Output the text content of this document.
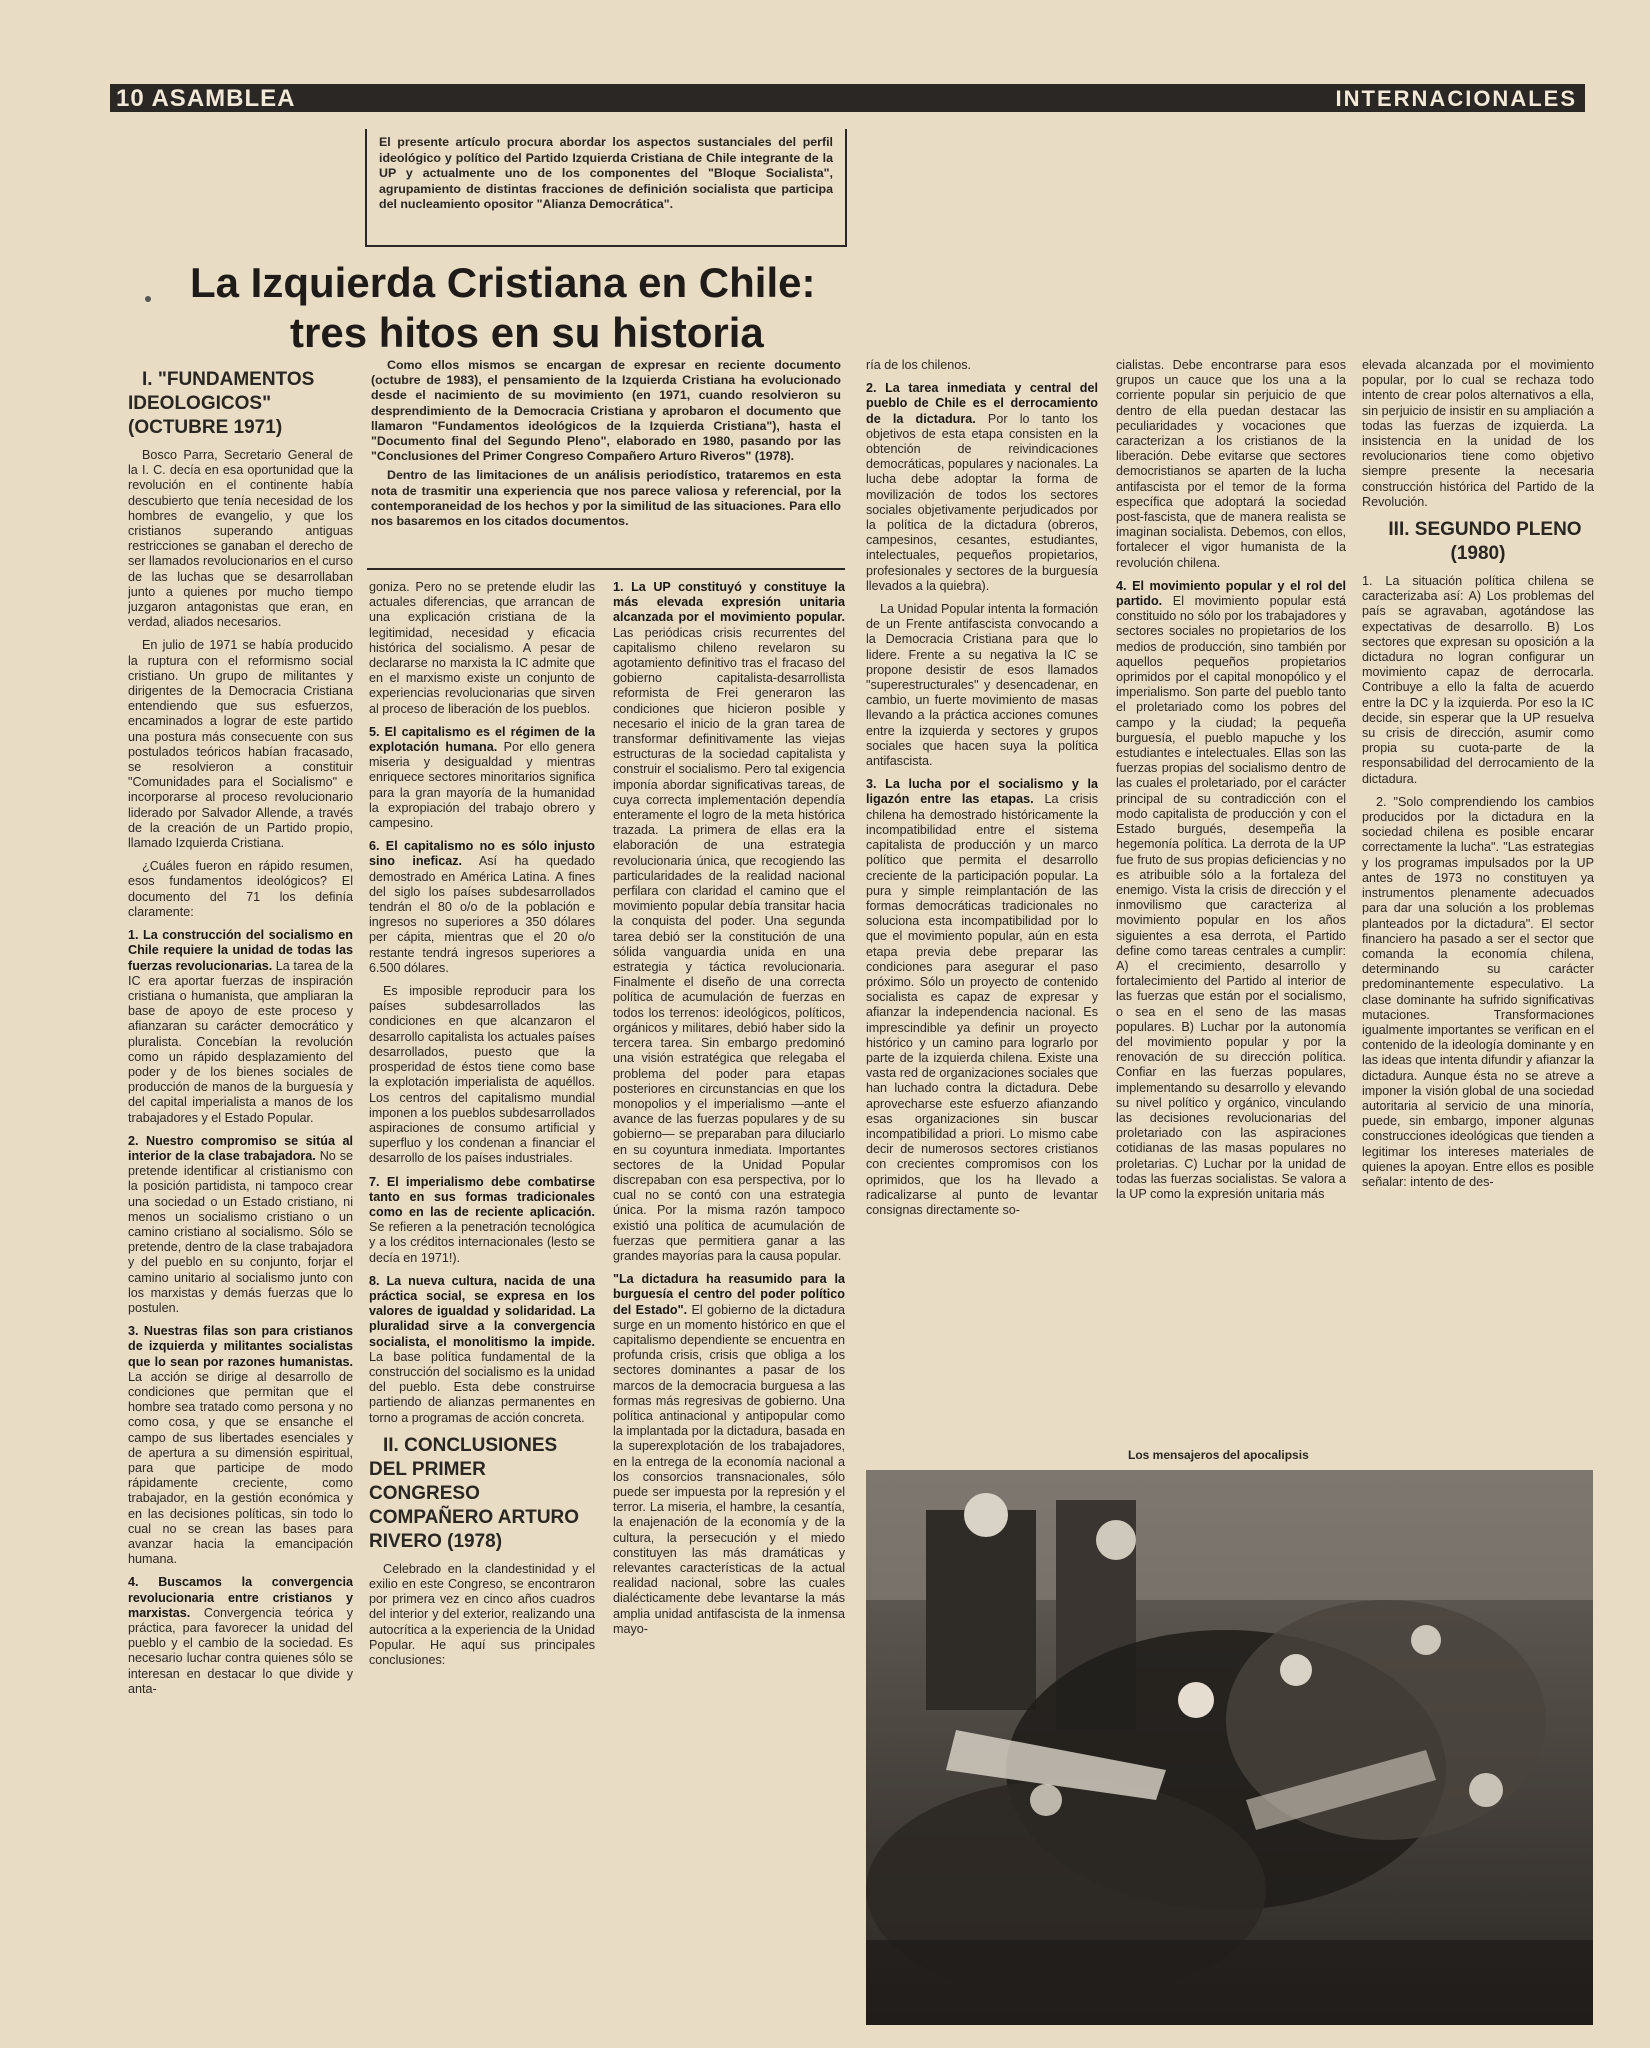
10 ASAMBLEA	INTERNACIONALES
El presente artículo procura abordar los aspectos sustanciales del perfil ideológico y político del Partido Izquierda Cristiana de Chile integrante de la UP y actualmente uno de los componentes del "Bloque Socialista", agrupamiento de distintas fracciones de definición socialista que participa del nucleamiento opositor "Alianza Democrática".
La Izquierda Cristiana en Chile:
tres hitos en su historia

I. "FUNDAMENTOS IDEOLOGICOS" (OCTUBRE 1971)

Bosco Parra, Secretario General de la I. C. decía en esa oportunidad que la revolución en el continente había descubierto que tenía necesidad de los hombres de evangelio, y que los cristianos superando antiguas restricciones se ganaban el derecho de ser llamados revolucionarios en el curso de las luchas que se desarrollaban junto a quienes por mucho tiempo juzgaron antagonistas que eran, en verdad, aliados necesarios.

En julio de 1971 se había producido la ruptura con el reformismo social cristiano. Un grupo de militantes y dirigentes de la Democracia Cristiana entendiendo que sus esfuerzos, encaminados a lograr de este partido una postura más consecuente con sus postulados teóricos habían fracasado, se resolvieron a constituir "Comunidades para el Socialismo" e incorporarse al proceso revolucionario liderado por Salvador Allende, a través de la creación de un Partido propio, llamado Izquierda Cristiana.

¿Cuáles fueron en rápido resumen, esos fundamentos ideológicos? El documento del 71 los definía claramente:

1. La construcción del socialismo en Chile requiere la unidad de todas las fuerzas revolucionarias. La tarea de la IC era aportar fuerzas de inspiración cristiana o humanista, que ampliaran la base de apoyo de este proceso y afianzaran su carácter democrático y pluralista. Concebían la revolución como un rápido desplazamiento del poder y de los bienes sociales de producción de manos de la burguesía y del capital imperialista a manos de los trabajadores y el Estado Popular.

2. Nuestro compromiso se sitúa al interior de la clase trabajadora. No se pretende identificar al cristianismo con la posición partidista, ni tampoco crear una sociedad o un Estado cristiano, ni menos un socialismo cristiano o un camino cristiano al socialismo. Sólo se pretende, dentro de la clase trabajadora y del pueblo en su conjunto, forjar el camino unitario al socialismo junto con los marxistas y demás fuerzas que lo postulen.

3. Nuestras filas son para cristianos de izquierda y militantes socialistas que lo sean por razones humanistas. La acción se dirige al desarrollo de condiciones que permitan que el hombre sea tratado como persona y no como cosa, y que se ensanche el campo de sus libertades esenciales y de apertura a su dimensión espiritual, para que participe de modo rápidamente creciente, como trabajador, en la gestión económica y en las decisiones políticas, sin todo lo cual no se crean las bases para avanzar hacia la emancipación humana.

4. Buscamos la convergencia revolucionaria entre cristianos y marxistas. Convergencia teórica y práctica, para favorecer la unidad del pueblo y el cambio de la sociedad. Es necesario luchar contra quienes sólo se interesan en destacar lo que divide y anta-

Como ellos mismos se encargan de expresar en reciente documento (octubre de 1983), el pensamiento de la Izquierda Cristiana ha evolucionado desde el nacimiento de su movimiento (en 1971, cuando resolvieron su desprendimiento de la Democracia Cristiana y aprobaron el documento que llamaron "Fundamentos ideológicos de la Izquierda Cristiana"), hasta el "Documento final del Segundo Pleno", elaborado en 1980, pasando por las "Conclusiones del Primer Congreso Compañero Arturo Riveros" (1978).

Dentro de las limitaciones de un análisis periodístico, trataremos en esta nota de trasmitir una experiencia que nos parece valiosa y referencial, por la contemporaneidad de los hechos y por la similitud de las situaciones. Para ello nos basaremos en los citados documentos.

goniza. Pero no se pretende eludir las actuales diferencias, que arrancan de una explicación cristiana de la legitimidad, necesidad y eficacia histórica del socialismo. A pesar de declararse no marxista la IC admite que en el marxismo existe un conjunto de experiencias revolucionarias que sirven al proceso de liberación de los pueblos.

5. El capitalismo es el régimen de la explotación humana. Por ello genera miseria y desigualdad y mientras enriquece sectores minoritarios significa para la gran mayoría de la humanidad la expropiación del trabajo obrero y campesino.

6. El capitalismo no es sólo injusto sino ineficaz. Así ha quedado demostrado en América Latina. A fines del siglo los países subdesarrollados tendrán el 80 o/o de la población e ingresos no superiores a 350 dólares per cápita, mientras que el 20 o/o restante tendrá ingresos superiores a 6.500 dólares.

Es imposible reproducir para los países subdesarrollados las condiciones en que alcanzaron el desarrollo capitalista los actuales países desarrollados, puesto que la prosperidad de éstos tiene como base la explotación imperialista de aquéllos. Los centros del capitalismo mundial imponen a los pueblos subdesarrollados aspiraciones de consumo artificial y superfluo y los condenan a financiar el desarrollo de los países industriales.

7. El imperialismo debe combatirse tanto en sus formas tradicionales como en las de reciente aplicación. Se refieren a la penetración tecnológica y a los créditos internacionales (lesto se decía en 1971!).

8. La nueva cultura, nacida de una práctica social, se expresa en los valores de igualdad y solidaridad. La pluralidad sirve a la convergencia socialista, el monolitismo la impide. La base política fundamental de la construcción del socialismo es la unidad del pueblo. Esta debe construirse partiendo de alianzas permanentes en torno a programas de acción concreta.

II. CONCLUSIONES DEL PRIMER CONGRESO COMPAÑERO ARTURO RIVERO (1978)

Celebrado en la clandestinidad y el exilio en este Congreso, se encontraron por primera vez en cinco años cuadros del interior y del exterior, realizando una autocrítica a la experiencia de la Unidad Popular. He aquí sus principales conclusiones:

1. La UP constituyó y constituye la más elevada expresión unitaria alcanzada por el movimiento popular. Las periódicas crisis recurrentes del capitalismo chileno revelaron su agotamiento definitivo tras el fracaso del gobierno capitalista-desarrollista reformista de Frei generaron las condiciones que hicieron posible y necesario el inicio de la gran tarea de transformar definitivamente las viejas estructuras de la sociedad capitalista y construir el socialismo. Pero tal exigencia imponía abordar significativas tareas, de cuya correcta implementación dependía enteramente el logro de la meta histórica trazada. La primera de ellas era la elaboración de una estrategia revolucionaria única, que recogiendo las particularidades de la realidad nacional perfilara con claridad el camino que el movimiento popular debía transitar hacia la conquista del poder. Una segunda tarea debió ser la constitución de una sólida vanguardia unida en una estrategia y táctica revolucionaria. Finalmente el diseño de una correcta política de acumulación de fuerzas en todos los terrenos: ideológicos, políticos, orgánicos y militares, debió haber sido la tercera tarea. Sin embargo predominó una visión estratégica que relegaba el problema del poder para etapas posteriores en circunstancias en que los monopolios y el imperialismo —ante el avance de las fuerzas populares y de su gobierno— se preparaban para diluciarlo en su coyuntura inmediata. Importantes sectores de la Unidad Popular discrepaban con esa perspectiva, por lo cual no se contó con una estrategia única. Por la misma razón tampoco existió una política de acumulación de fuerzas que permitiera ganar a las grandes mayorías para la causa popular.

"La dictadura ha reasumido para la burguesía el centro del poder político del Estado". El gobierno de la dictadura surge en un momento histórico en que el capitalismo dependiente se encuentra en profunda crisis, crisis que obliga a los sectores dominantes a pasar de los marcos de la democracia burguesa a las formas más regresivas de gobierno. Una política antinacional y antipopular como la implantada por la dictadura, basada en la superexplotación de los trabajadores, en la entrega de la economía nacional a los consorcios transnacionales, sólo puede ser impuesta por la represión y el terror. La miseria, el hambre, la cesantía, la enajenación de la economía y de la cultura, la persecución y el miedo constituyen las más dramáticas y relevantes características de la actual realidad nacional, sobre las cuales dialécticamente debe levantarse la más amplia unidad antifascista de la inmensa mayo-

ría de los chilenos.

2. La tarea inmediata y central del pueblo de Chile es el derrocamiento de la dictadura. Por lo tanto los objetivos de esta etapa consisten en la obtención de reivindicaciones democráticas, populares y nacionales. La lucha debe adoptar la forma de movilización de todos los sectores sociales objetivamente perjudicados por la política de la dictadura (obreros, campesinos, cesantes, estudiantes, intelectuales, pequeños propietarios, profesionales y sectores de la burguesía llevados a la quiebra).

La Unidad Popular intenta la formación de un Frente antifascista convocando a la Democracia Cristiana para que lo lidere. Frente a su negativa la IC se propone desistir de esos llamados "superestructurales" y desencadenar, en cambio, un fuerte movimiento de masas llevando a la práctica acciones comunes entre la izquierda y sectores y grupos sociales que hacen suya la política antifascista.

3. La lucha por el socialismo y la ligazón entre las etapas. La crisis chilena ha demostrado históricamente la incompatibilidad entre el sistema capitalista de producción y un marco político que permita el desarrollo creciente de la participación popular. La pura y simple reimplantación de las formas democráticas tradicionales no soluciona esta incompatibilidad por lo que el movimiento popular, aún en esta etapa previa debe preparar las condiciones para asegurar el paso próximo. Sólo un proyecto de contenido socialista es capaz de expresar y afianzar la independencia nacional. Es imprescindible ya definir un proyecto histórico y un camino para lograrlo por parte de la izquierda chilena. Existe una vasta red de organizaciones sociales que han luchado contra la dictadura. Debe aprovecharse este esfuerzo afianzando esas organizaciones sin buscar incompatibilidad a priori. Lo mismo cabe decir de numerosos sectores cristianos con crecientes compromisos con los oprimidos, que los ha llevado a radicalizarse al punto de levantar consignas directamente so-

cialistas. Debe encontrarse para esos grupos un cauce que los una a la corriente popular sin perjuicio de que dentro de ella puedan destacar las peculiaridades y vocaciones que caracterizan a los cristianos de la liberación. Debe evitarse que sectores democristianos se aparten de la lucha antifascista por el temor de la forma específica que adoptará la sociedad post-fascista, que de manera realista se imaginan socialista. Debemos, con ellos, fortalecer el vigor humanista de la revolución chilena.

4. El movimiento popular y el rol del partido. El movimiento popular está constituido no sólo por los trabajadores y sectores sociales no propietarios de los medios de producción, sino también por aquellos pequeños propietarios oprimidos por el capital monopólico y el imperialismo. Son parte del pueblo tanto el proletariado como los pobres del campo y la ciudad; la pequeña burguesía, el pueblo mapuche y los estudiantes e intelectuales. Ellas son las fuerzas propias del socialismo dentro de las cuales el proletariado, por el carácter principal de su contradicción con el modo capitalista de producción y con el Estado burgués, desempeña la hegemonía política. La derrota de la UP fue fruto de sus propias deficiencias y no es atribuible sólo a la fortaleza del enemigo. Vista la crisis de dirección y el inmovilismo que caracteriza al movimiento popular en los años siguientes a esa derrota, el Partido define como tareas centrales a cumplir: A) el crecimiento, desarrollo y fortalecimiento del Partido al interior de las fuerzas que están por el socialismo, o sea en el seno de las masas populares. B) Luchar por la autonomía del movimiento popular y por la renovación de su dirección política. Confiar en las fuerzas populares, implementando su desarrollo y elevando su nivel político y orgánico, vinculando las decisiones revolucionarias del proletariado con las aspiraciones cotidianas de las masas populares no proletarias. C) Luchar por la unidad de todas las fuerzas socialistas. Se valora a la UP como la expresión unitaria más

elevada alcanzada por el movimiento popular, por lo cual se rechaza todo intento de crear polos alternativos a ella, sin perjuicio de insistir en su ampliación a todas las fuerzas de izquierda. La insistencia en la unidad de los revolucionarios tiene como objetivo siempre presente la necesaria construcción histórica del Partido de la Revolución.

III. SEGUNDO PLENO (1980)

1. La situación política chilena se caracterizaba así: A) Los problemas del país se agravaban, agotándose las expectativas de desarrollo. B) Los sectores que expresan su oposición a la dictadura no logran configurar un movimiento capaz de derrocarla. Contribuye a ello la falta de acuerdo entre la DC y la izquierda. Por eso la IC decide, sin esperar que la UP resuelva su crisis de dirección, asumir como propia su cuota-parte de la responsabilidad del derrocamiento de la dictadura.

2. "Solo comprendiendo los cambios producidos por la dictadura en la sociedad chilena es posible encarar correctamente la lucha". "Las estrategias y los programas impulsados por la UP antes de 1973 no constituyen ya instrumentos plenamente adecuados para dar una solución a los problemas planteados por la dictadura". El sector financiero ha pasado a ser el sector que comanda la economía chilena, determinando su carácter predominantemente especulativo. La clase dominante ha sufrido significativas mutaciones. Transformaciones igualmente importantes se verifican en el contenido de la ideología dominante y en las ideas que intenta difundir y afianzar la dictadura. Aunque ésta no se atreve a imponer la visión global de una sociedad autoritaria al servicio de una minoría, puede, sin embargo, imponer algunas construcciones ideológicas que tienden a legitimar los intereses materiales de quienes la apoyan. Entre ellos es posible señalar: intento de des-

Los mensajeros del apocalipsis
